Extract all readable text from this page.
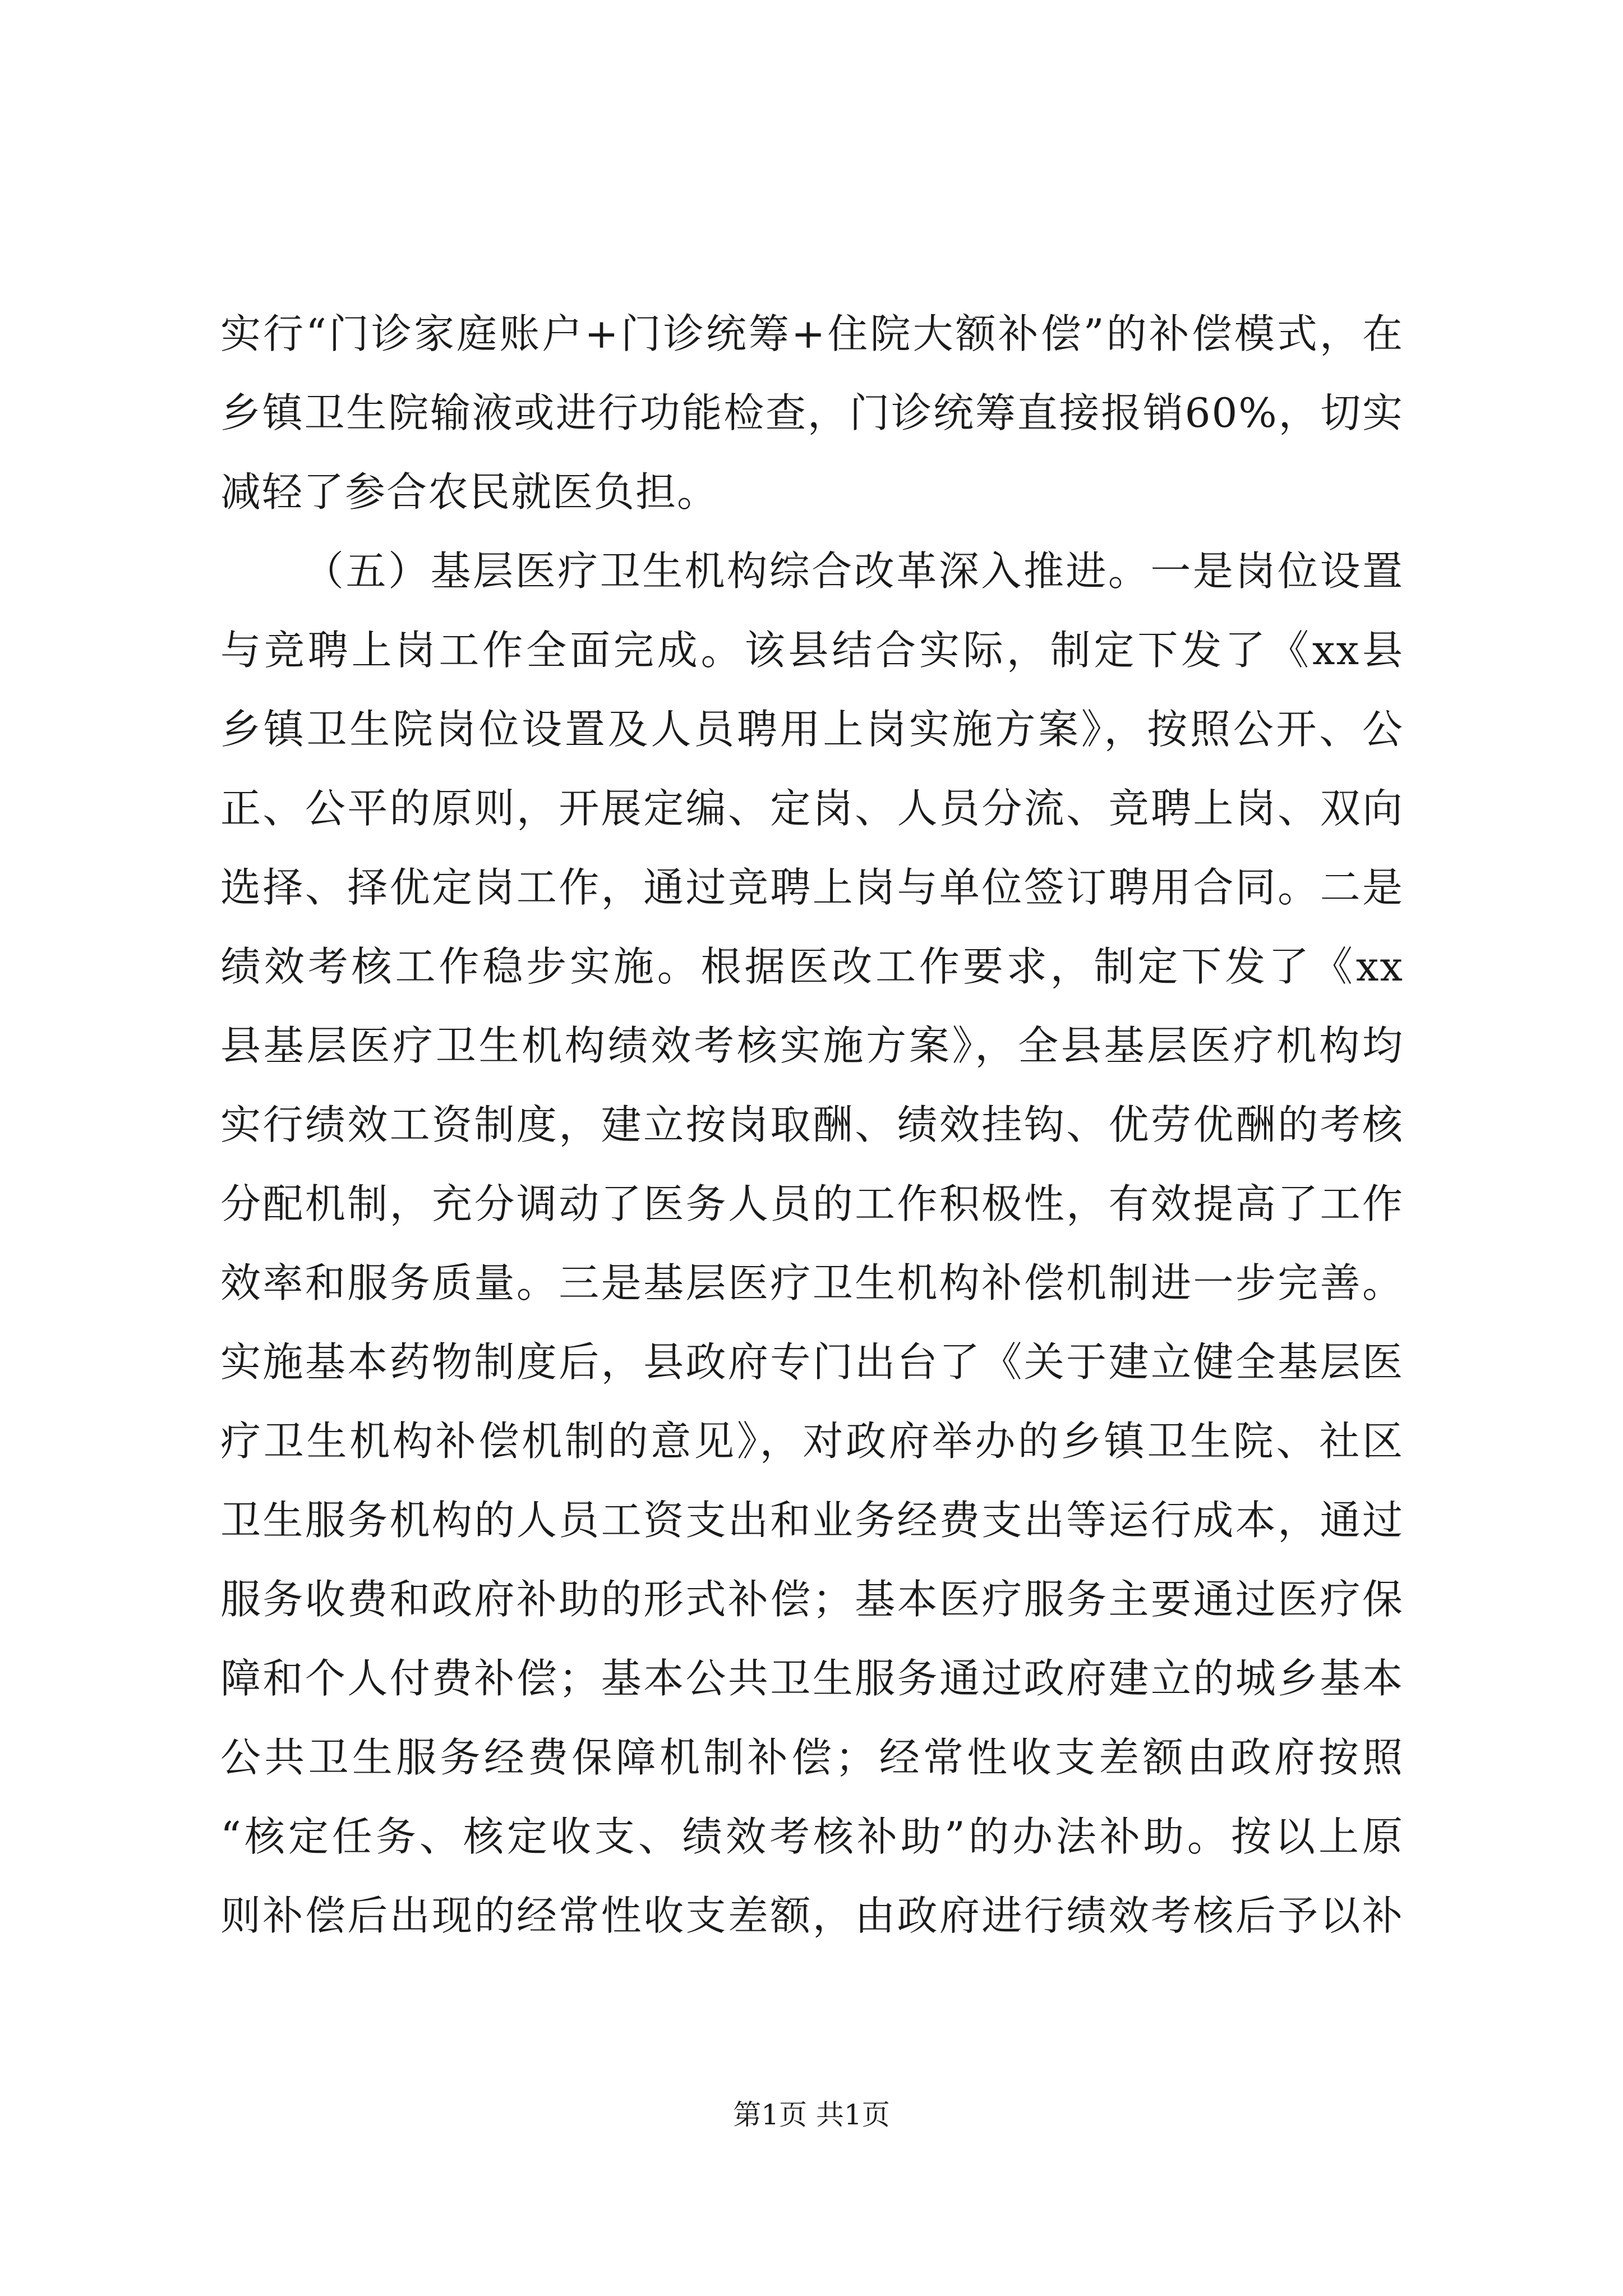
实行“门诊家庭账户+门诊统筹+住院大额补偿”的补偿模式，在
乡镇卫生院输液或进行功能检查，门诊统筹直接报销60%，切实
减轻了参合农民就医负担。
（五）基层医疗卫生机构综合改革深入推进。一是岗位设置
与竞聘上岗工作全面完成。该县结合实际，制定下发了《xx县
乡镇卫生院岗位设置及人员聘用上岗实施方案》，按照公开、公
正、公平的原则，开展定编、定岗、人员分流、竞聘上岗、双向
选择、择优定岗工作，通过竞聘上岗与单位签订聘用合同。二是
绩效考核工作稳步实施。根据医改工作要求，制定下发了《xx
县基层医疗卫生机构绩效考核实施方案》，全县基层医疗机构均
实行绩效工资制度，建立按岗取酬、绩效挂钩、优劳优酬的考核
分配机制，充分调动了医务人员的工作积极性，有效提高了工作
效率和服务质量。三是基层医疗卫生机构补偿机制进一步完善。
实施基本药物制度后，县政府专门出台了《关于建立健全基层医
疗卫生机构补偿机制的意见》，对政府举办的乡镇卫生院、社区
卫生服务机构的人员工资支出和业务经费支出等运行成本，通过
服务收费和政府补助的形式补偿；基本医疗服务主要通过医疗保
障和个人付费补偿；基本公共卫生服务通过政府建立的城乡基本
公共卫生服务经费保障机制补偿；经常性收支差额由政府按照
“核定任务、核定收支、绩效考核补助”的办法补助。按以上原
则补偿后出现的经常性收支差额，由政府进行绩效考核后予以补
第1页 共1页
